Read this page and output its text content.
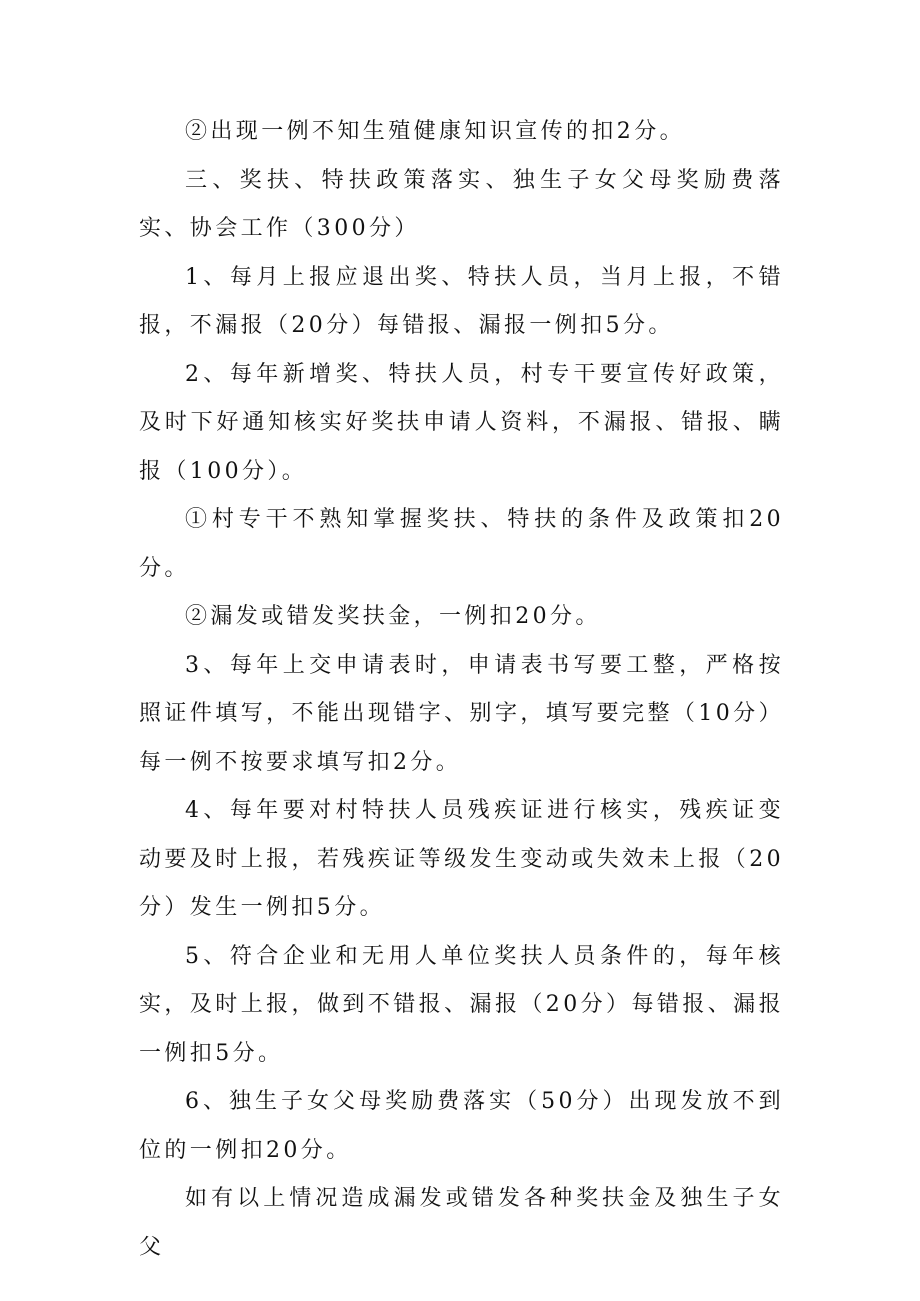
②出现一例不知生殖健康知识宣传的扣2分。

三、奖扶、特扶政策落实、独生子女父母奖励费落实、协会工作（300分）

1、每月上报应退出奖、特扶人员，当月上报，不错报，不漏报（20分）每错报、漏报一例扣5分。

2、每年新增奖、特扶人员，村专干要宣传好政策，及时下好通知核实好奖扶申请人资料，不漏报、错报、瞒报（100分）。

①村专干不熟知掌握奖扶、特扶的条件及政策扣20分。

②漏发或错发奖扶金，一例扣20分。

3、每年上交申请表时，申请表书写要工整，严格按照证件填写，不能出现错字、别字，填写要完整（10分）每一例不按要求填写扣2分。

4、每年要对村特扶人员残疾证进行核实，残疾证变动要及时上报，若残疾证等级发生变动或失效未上报（20分）发生一例扣5分。

5、符合企业和无用人单位奖扶人员条件的，每年核实，及时上报，做到不错报、漏报（20分）每错报、漏报一例扣5分。

6、独生子女父母奖励费落实（50分）出现发放不到位的一例扣20分。

如有以上情况造成漏发或错发各种奖扶金及独生子女父
